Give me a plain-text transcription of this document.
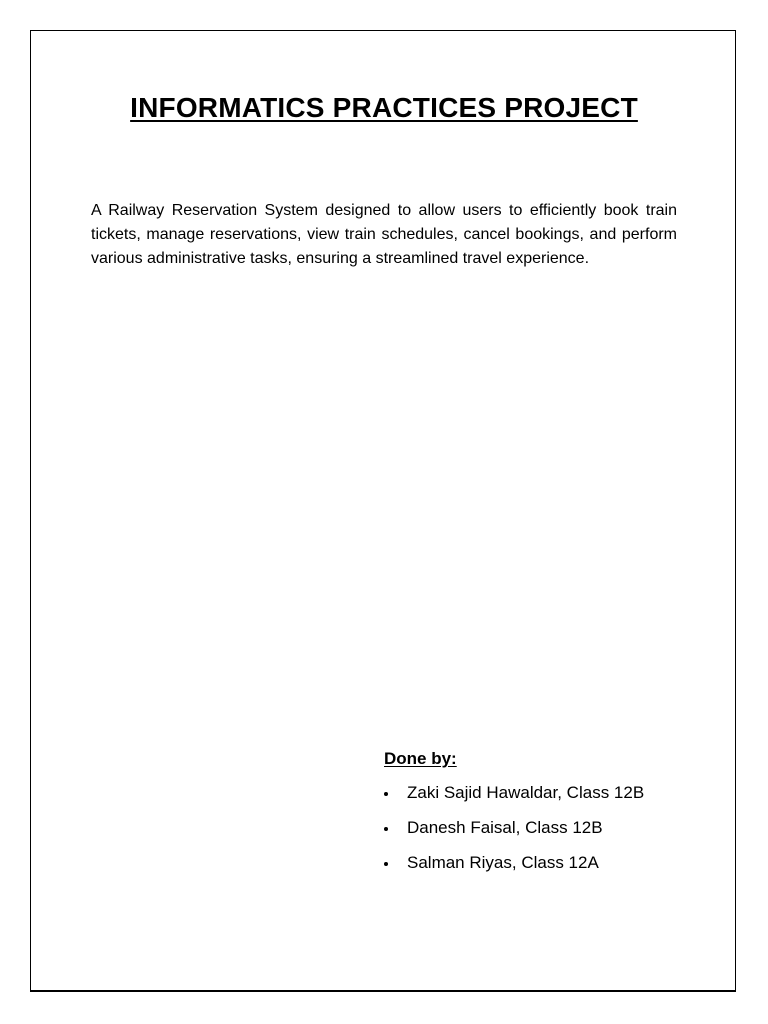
INFORMATICS PRACTICES PROJECT

A Railway Reservation System designed to allow users to efficiently book train tickets, manage reservations, view train schedules, cancel bookings, and perform various administrative tasks, ensuring a streamlined travel experience.

Done by:

Zaki Sajid Hawaldar, Class 12B
Danesh Faisal, Class 12B
Salman Riyas, Class 12A
